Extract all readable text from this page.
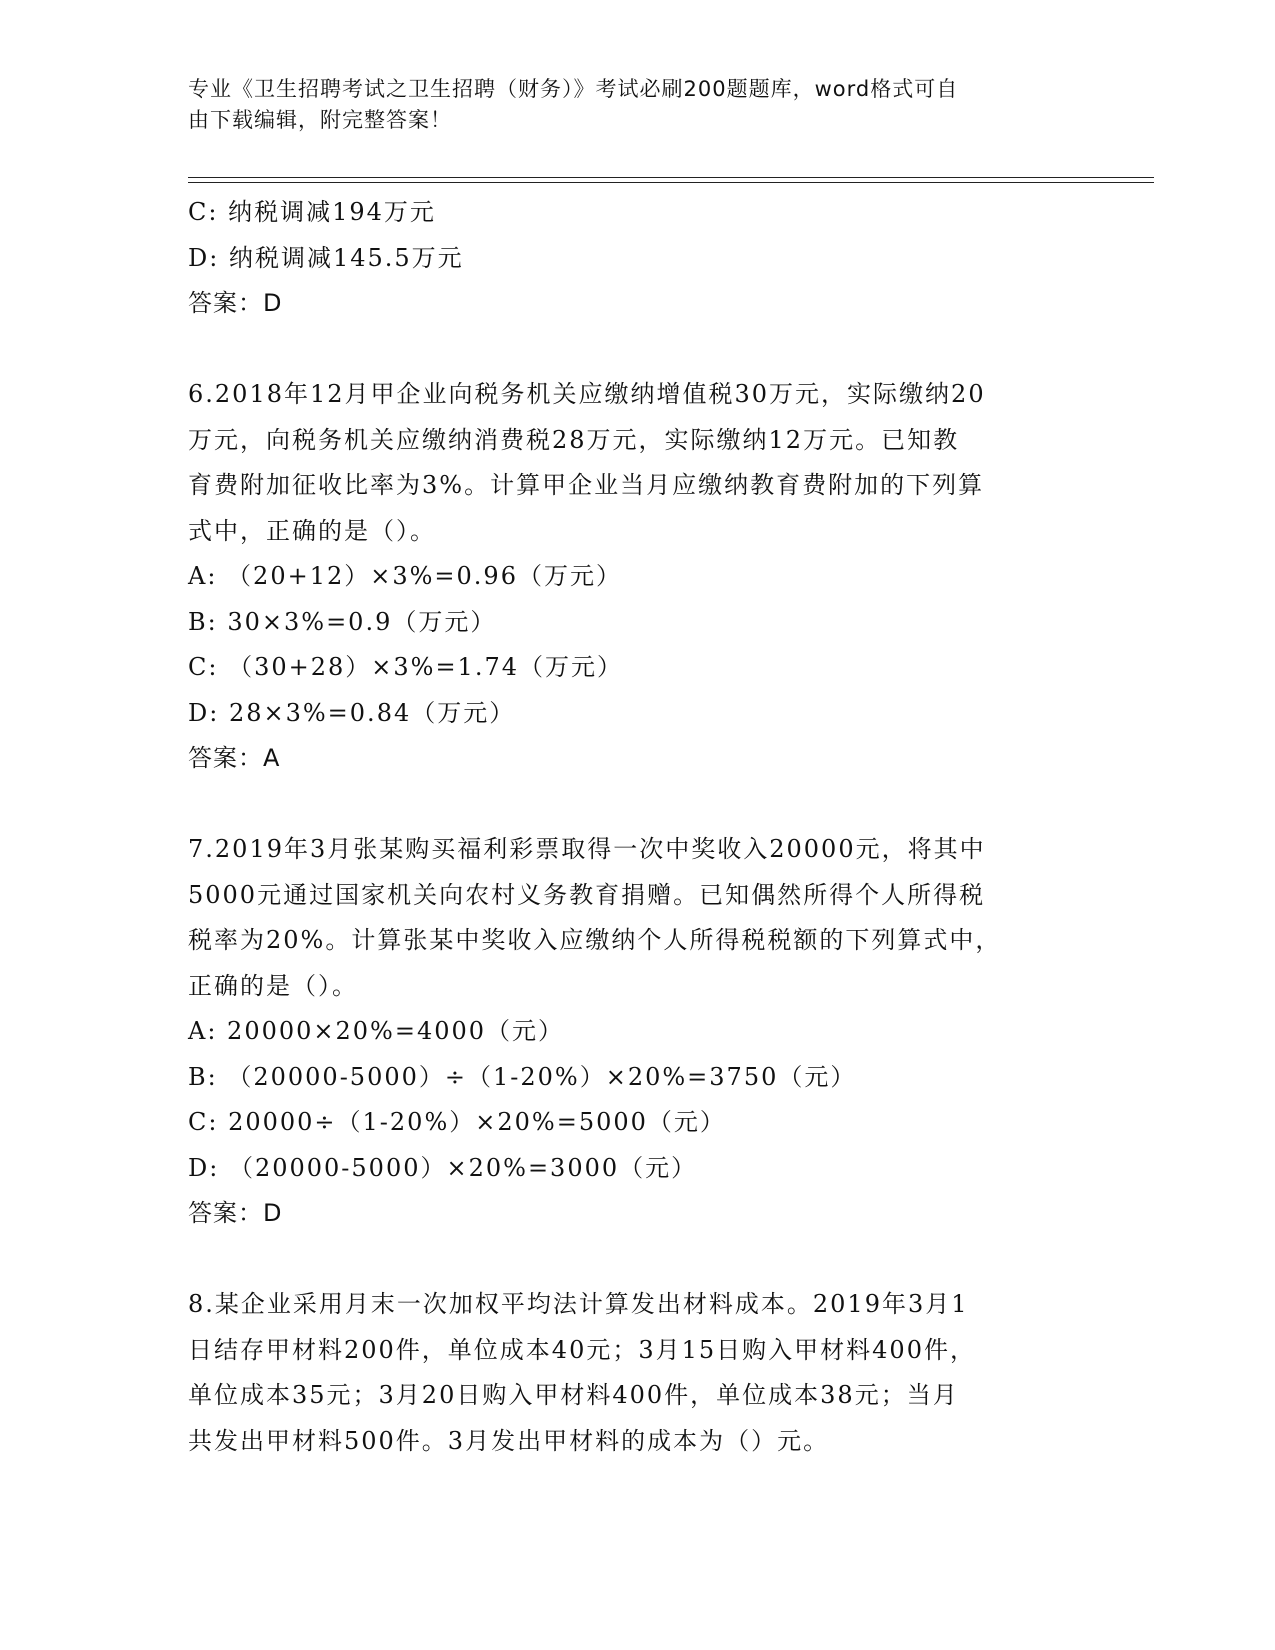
专业《卫生招聘考试之卫生招聘（财务）》考试必刷200题题库，word格式可自
由下载编辑，附完整答案！
C: 纳税调减194万元
D: 纳税调减145.5万元
答案：D
6.2018年12月甲企业向税务机关应缴纳增值税30万元，实际缴纳20
万元，向税务机关应缴纳消费税28万元，实际缴纳12万元。已知教
育费附加征收比率为3%。计算甲企业当月应缴纳教育费附加的下列算
式中，正确的是（）。
A: （20+12）×3%=0.96（万元）
B: 30×3%=0.9（万元）
C: （30+28）×3%=1.74（万元）
D: 28×3%=0.84（万元）
答案：A
7.2019年3月张某购买福利彩票取得一次中奖收入20000元，将其中
5000元通过国家机关向农村义务教育捐赠。已知偶然所得个人所得税
税率为20%。计算张某中奖收入应缴纳个人所得税税额的下列算式中，
正确的是（）。
A: 20000×20%=4000（元）
B: （20000-5000）÷（1-20%）×20%=3750（元）
C: 20000÷（1-20%）×20%=5000（元）
D: （20000-5000）×20%=3000（元）
答案：D
8.某企业采用月末一次加权平均法计算发出材料成本。2019年3月1
日结存甲材料200件，单位成本40元；3月15日购入甲材料400件，
单位成本35元；3月20日购入甲材料400件，单位成本38元；当月
共发出甲材料500件。3月发出甲材料的成本为（）元。
